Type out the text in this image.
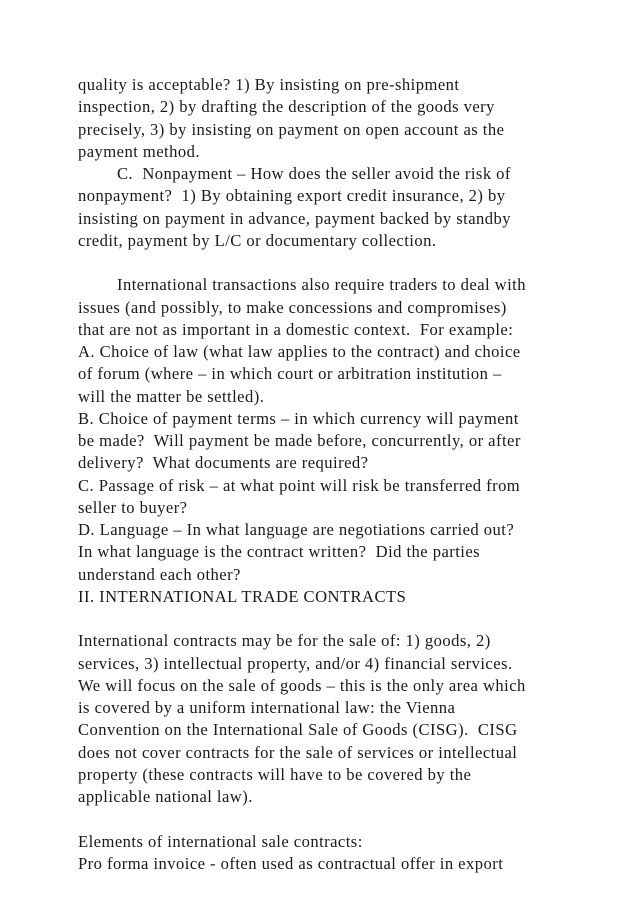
quality is acceptable? 1) By insisting on pre-shipment
inspection, 2) by drafting the description of the goods very
precisely, 3) by insisting on payment on open account as the
payment method.
C.  Nonpayment – How does the seller avoid the risk of
nonpayment?  1) By obtaining export credit insurance, 2) by
insisting on payment in advance, payment backed by standby
credit, payment by L/C or documentary collection.

International transactions also require traders to deal with
issues (and possibly, to make concessions and compromises)
that are not as important in a domestic context.  For example:
A. Choice of law (what law applies to the contract) and choice
of forum (where – in which court or arbitration institution –
will the matter be settled).
B. Choice of payment terms – in which currency will payment
be made?  Will payment be made before, concurrently, or after
delivery?  What documents are required?
C. Passage of risk – at what point will risk be transferred from
seller to buyer?
D. Language – In what language are negotiations carried out?
In what language is the contract written?  Did the parties
understand each other?
II. INTERNATIONAL TRADE CONTRACTS

International contracts may be for the sale of: 1) goods, 2)
services, 3) intellectual property, and/or 4) financial services.
We will focus on the sale of goods – this is the only area which
is covered by a uniform international law: the Vienna
Convention on the International Sale of Goods (CISG).  CISG
does not cover contracts for the sale of services or intellectual
property (these contracts will have to be covered by the
applicable national law).

Elements of international sale contracts:
Pro forma invoice - often used as contractual offer in export
